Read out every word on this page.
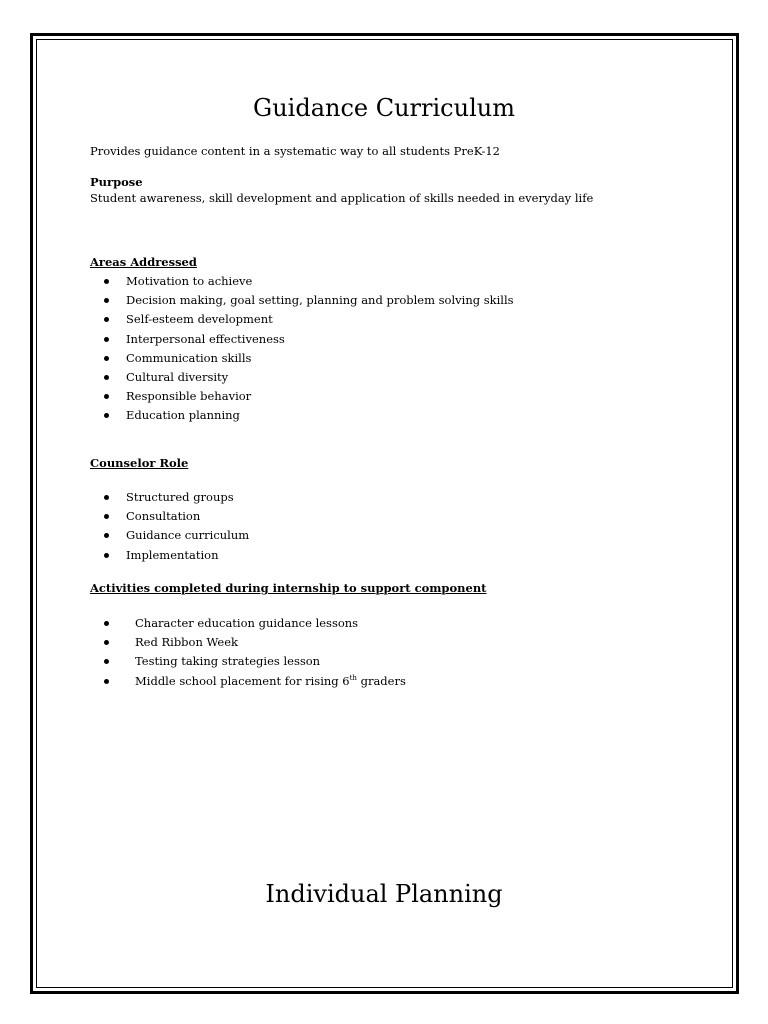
Guidance Curriculum

Provides guidance content in a systematic way to all students PreK-12

Purpose

Student awareness, skill development and application of skills needed in everyday life

Areas Addressed

Motivation to achieve
Decision making, goal setting, planning and problem solving skills
Self-esteem development
Interpersonal effectiveness
Communication skills
Cultural diversity
Responsible behavior
Education planning

Counselor Role

Structured groups
Consultation
Guidance curriculum
Implementation

Activities completed during internship to support component

Character education guidance lessons
Red Ribbon Week
Testing taking strategies lesson
Middle school placement for rising 6th graders
Individual Planning
